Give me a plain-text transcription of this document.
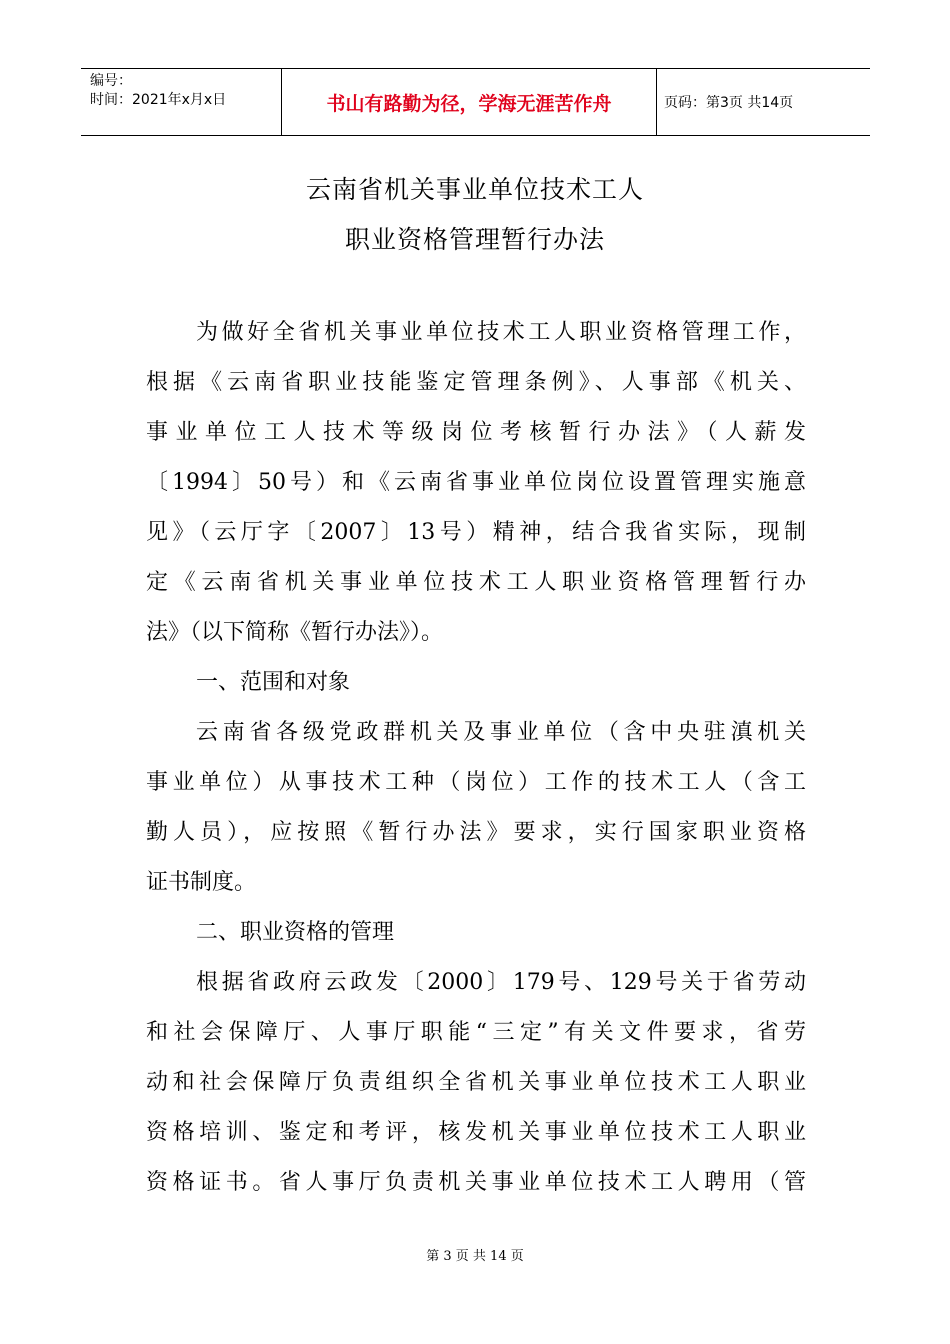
编号：
时间：2021年x月x日	书山有路勤为径，学海无涯苦作舟	页码：第3页 共14页
云南省机关事业单位技术工人
职业资格管理暂行办法
为做好全省机关事业单位技术工人职业资格管理工作，
根据《云南省职业技能鉴定管理条例》、人事部《机关、
事业单位工人技术等级岗位考核暂行办法》（人薪发
〔1994〕50号）和《云南省事业单位岗位设置管理实施意
见》（云厅字〔2007〕13号）精神，结合我省实际，现制
定《云南省机关事业单位技术工人职业资格管理暂行办
法》（以下简称《暂行办法》）。
一、范围和对象
云南省各级党政群机关及事业单位（含中央驻滇机关
事业单位）从事技术工种（岗位）工作的技术工人（含工
勤人员），应按照《暂行办法》要求，实行国家职业资格
证书制度。
二、职业资格的管理
根据省政府云政发〔2000〕179号、129号关于省劳动
和社会保障厅、人事厅职能“三定”有关文件要求，省劳
动和社会保障厅负责组织全省机关事业单位技术工人职业
资格培训、鉴定和考评，核发机关事业单位技术工人职业
资格证书。省人事厅负责机关事业单位技术工人聘用（管
第 3 页 共 14 页
